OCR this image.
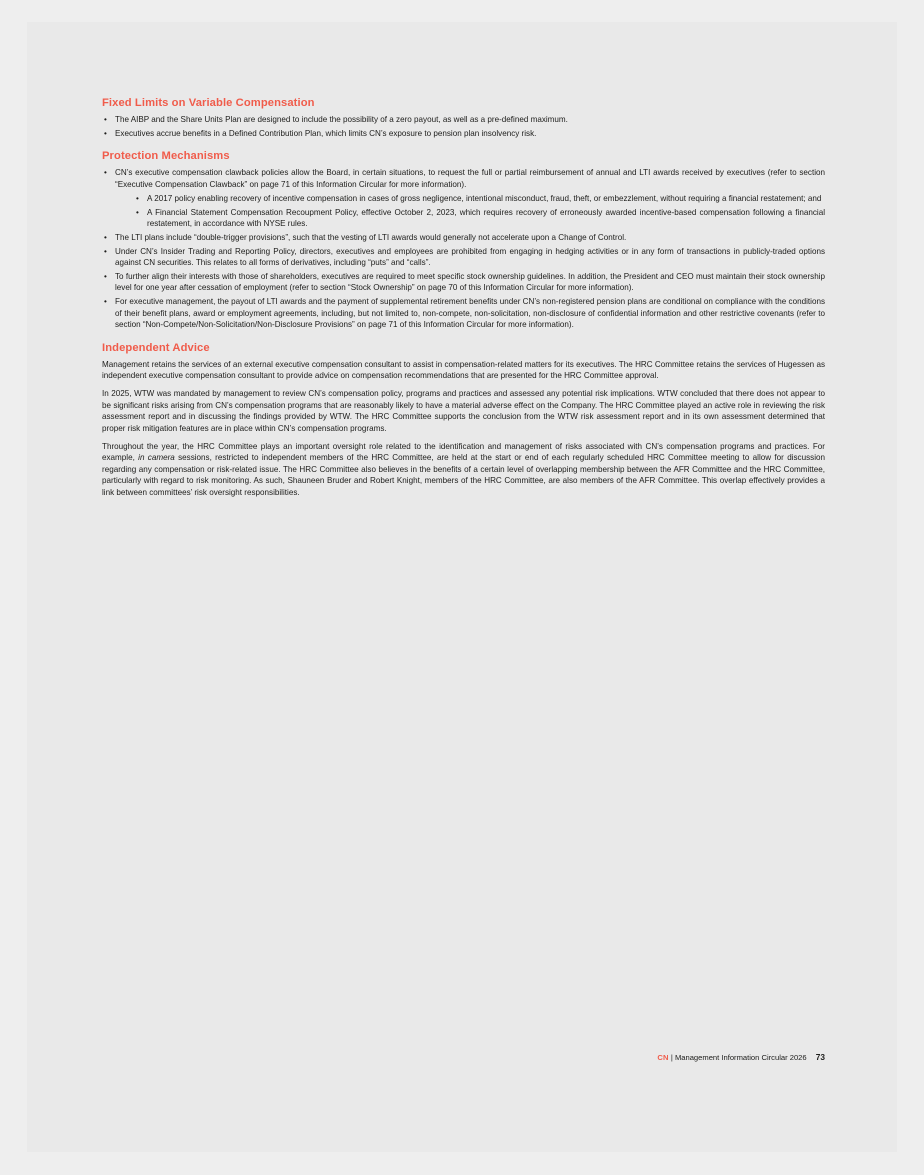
Fixed Limits on Variable Compensation
• The AIBP and the Share Units Plan are designed to include the possibility of a zero payout, as well as a pre-defined maximum.
• Executives accrue benefits in a Defined Contribution Plan, which limits CN’s exposure to pension plan insolvency risk.
Protection Mechanisms
• CN’s executive compensation clawback policies allow the Board, in certain situations, to request the full or partial reimbursement of annual and LTI awards received by executives (refer to section “Executive Compensation Clawback” on page 71 of this Information Circular for more information).
• A 2017 policy enabling recovery of incentive compensation in cases of gross negligence, intentional misconduct, fraud, theft, or embezzlement, without requiring a financial restatement; and
• A Financial Statement Compensation Recoupment Policy, effective October 2, 2023, which requires recovery of erroneously awarded incentive-based compensation following a financial restatement, in accordance with NYSE rules.
• The LTI plans include “double-trigger provisions”, such that the vesting of LTI awards would generally not accelerate upon a Change of Control.
• Under CN’s Insider Trading and Reporting Policy, directors, executives and employees are prohibited from engaging in hedging activities or in any form of transactions in publicly-traded options against CN securities. This relates to all forms of derivatives, including “puts” and “calls”.
• To further align their interests with those of shareholders, executives are required to meet specific stock ownership guidelines. In addition, the President and CEO must maintain their stock ownership level for one year after cessation of employment (refer to section “Stock Ownership” on page 70 of this Information Circular for more information).
• For executive management, the payout of LTI awards and the payment of supplemental retirement benefits under CN’s non-registered pension plans are conditional on compliance with the conditions of their benefit plans, award or employment agreements, including, but not limited to, non-compete, non-solicitation, non-disclosure of confidential information and other restrictive covenants (refer to section “Non-Compete/Non-Solicitation/Non-Disclosure Provisions” on page 71 of this Information Circular for more information).
Independent Advice

Management retains the services of an external executive compensation consultant to assist in compensation-related matters for its executives. The HRC Committee retains the services of Hugessen as independent executive compensation consultant to provide advice on compensation recommendations that are presented for the HRC Committee approval.

In 2025, WTW was mandated by management to review CN’s compensation policy, programs and practices and assessed any potential risk implications. WTW concluded that there does not appear to be significant risks arising from CN’s compensation programs that are reasonably likely to have a material adverse effect on the Company. The HRC Committee played an active role in reviewing the risk assessment report and in discussing the findings provided by WTW. The HRC Committee supports the conclusion from the WTW risk assessment report and in its own assessment determined that proper risk mitigation features are in place within CN’s compensation programs.

Throughout the year, the HRC Committee plays an important oversight role related to the identification and management of risks associated with CN’s compensation programs and practices. For example, in camera sessions, restricted to independent members of the HRC Committee, are held at the start or end of each regularly scheduled HRC Committee meeting to allow for discussion regarding any compensation or risk-related issue. The HRC Committee also believes in the benefits of a certain level of overlapping membership between the AFR Committee and the HRC Committee, particularly with regard to risk monitoring. As such, Shauneen Bruder and Robert Knight, members of the HRC Committee, are also members of the AFR Committee. This overlap effectively provides a link between committees’ risk oversight responsibilities.

CN | Management Information Circular 2026 73
